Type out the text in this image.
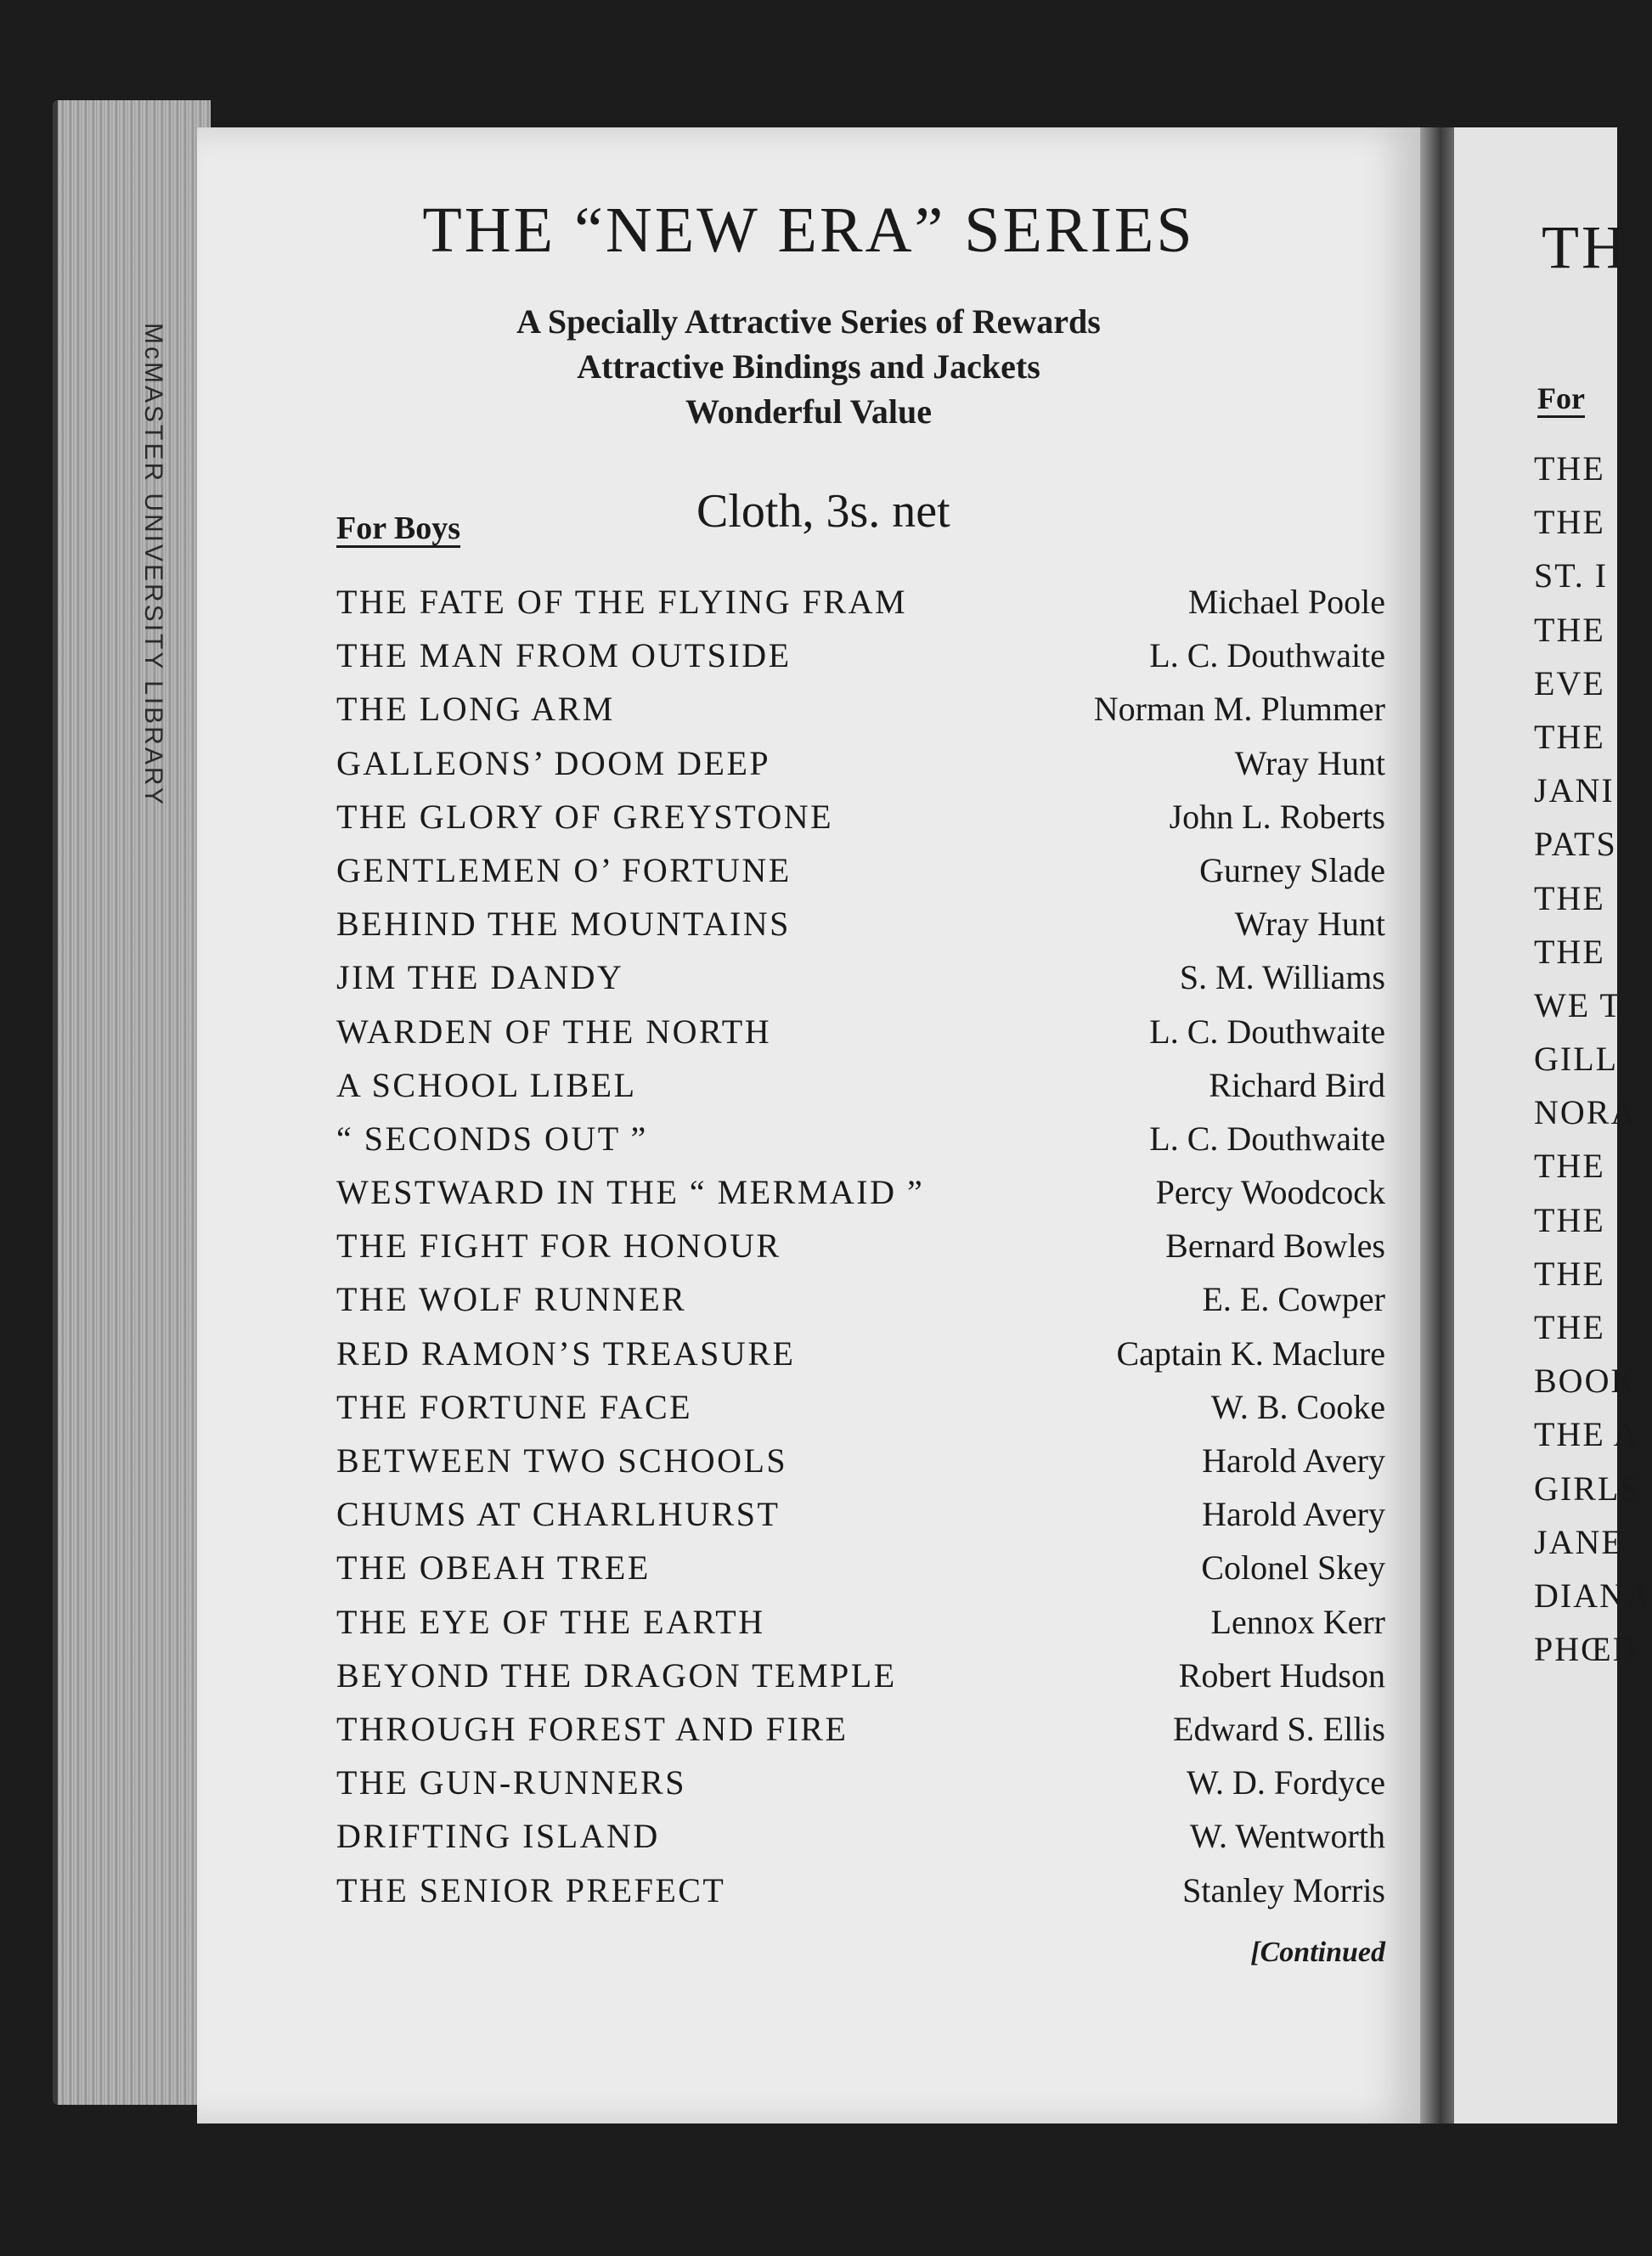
McMASTER UNIVERSITY LIBRARY
THE “NEW ERA” SERIES
A Specially Attractive Series of Rewards
Attractive Bindings and Jackets
Wonderful Value
For Boys	Cloth, 3s. net
THE FATE OF THE FLYING FRAM	Michael Poole
THE MAN FROM OUTSIDE	L. C. Douthwaite
THE LONG ARM	Norman M. Plummer
GALLEONS’ DOOM DEEP	Wray Hunt
THE GLORY OF GREYSTONE	John L. Roberts
GENTLEMEN O’ FORTUNE	Gurney Slade
BEHIND THE MOUNTAINS	Wray Hunt
JIM THE DANDY	S. M. Williams
WARDEN OF THE NORTH	L. C. Douthwaite
A SCHOOL LIBEL	Richard Bird
“ SECONDS OUT ”	L. C. Douthwaite
WESTWARD IN THE “ MERMAID ”	Percy Woodcock
THE FIGHT FOR HONOUR	Bernard Bowles
THE WOLF RUNNER	E. E. Cowper
RED RAMON’S TREASURE	Captain K. Maclure
THE FORTUNE FACE	W. B. Cooke
BETWEEN TWO SCHOOLS	Harold Avery
CHUMS AT CHARLHURST	Harold Avery
THE OBEAH TREE	Colonel Skey
THE EYE OF THE EARTH	Lennox Kerr
BEYOND THE DRAGON TEMPLE	Robert Hudson
THROUGH FOREST AND FIRE	Edward S. Ellis
THE GUN-RUNNERS	W. D. Fordyce
DRIFTING ISLAND	W. Wentworth
THE SENIOR PREFECT	Stanley Morris
[Continued
TH
For
THE
THE
ST. I
THE
EVE
THE
JANI
PATS
THE
THE
WE T
GILL
NORA
THE
THE
THE
THE
BOOK
THE A
GIRLS
JANE
DIANA
PHŒB
